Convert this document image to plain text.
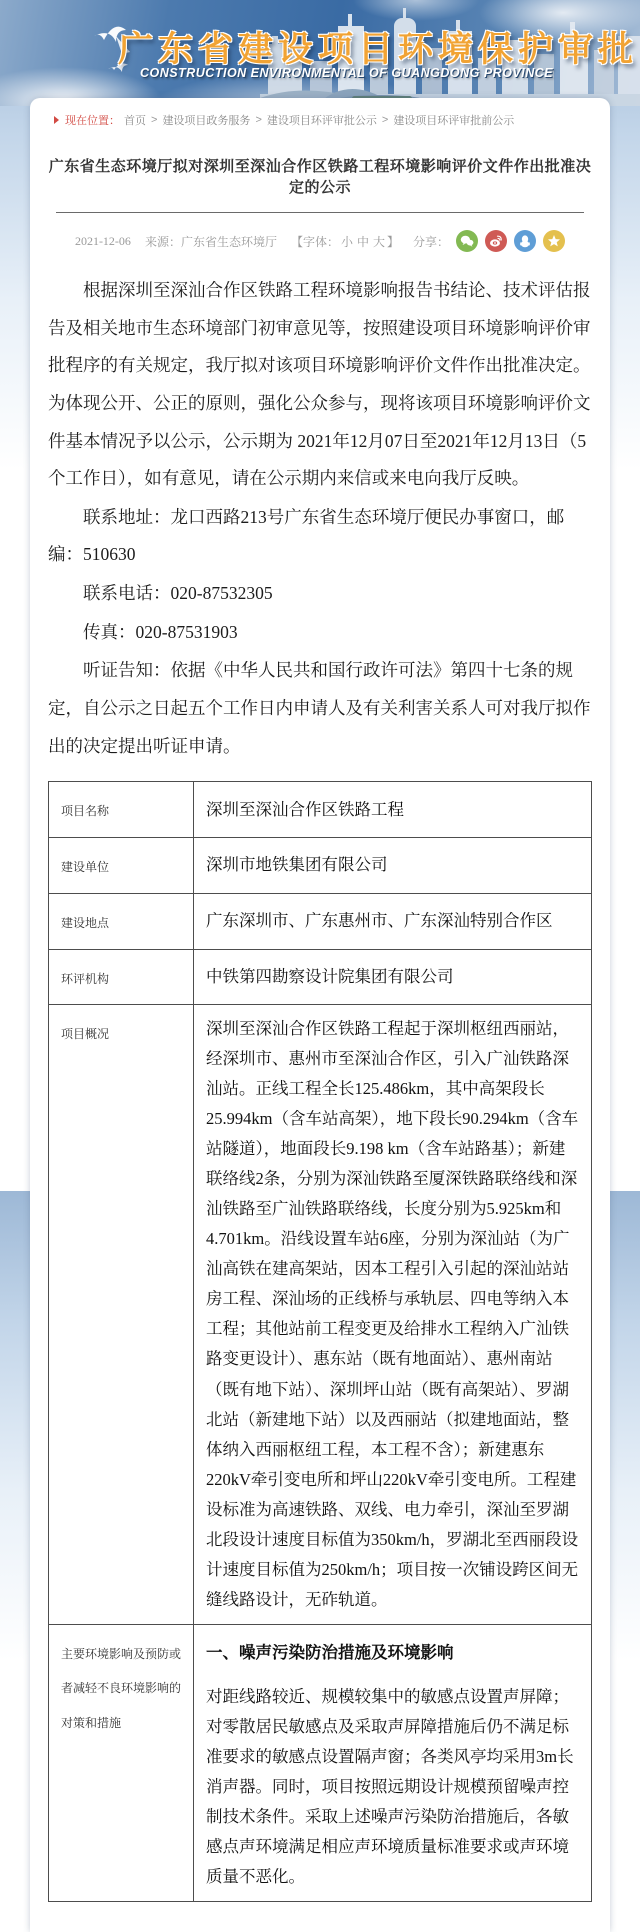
广东省建设项目环境保护审批
CONSTRUCTION ENVIRONMENTAL OF GUANGDONG PROVINCE
现在位置： 首页 > 建设项目政务服务 > 建设项目环评审批公示 > 建设项目环评审批前公示
广东省生态环境厅拟对深圳至深汕合作区铁路工程环境影响评价文件作出批准决定的公示
2021-12-06 来源：广东省生态环境厅 【字体： 小 中 大 】 分享：

根据深圳至深汕合作区铁路工程环境影响报告书结论、技术评估报告及相关地市生态环境部门初审意见等，按照建设项目环境影响评价审批程序的有关规定，我厅拟对该项目环境影响评价文件作出批准决定。为体现公开、公正的原则，强化公众参与，现将该项目环境影响评价文件基本情况予以公示，公示期为 2021年12月07日至2021年12月13日（5个工作日），如有意见，请在公示期内来信或来电向我厅反映。

联系地址：龙口西路213号广东省生态环境厅便民办事窗口，邮编：510630

联系电话：020-87532305

传真：020-87531903

听证告知：依据《中华人民共和国行政许可法》第四十七条的规定，自公示之日起五个工作日内申请人及有关利害关系人可对我厅拟作出的决定提出听证申请。

项目名称	深圳至深汕合作区铁路工程
建设单位	深圳市地铁集团有限公司
建设地点	广东深圳市、广东惠州市、广东深汕特别合作区
环评机构	中铁第四勘察设计院集团有限公司
项目概况	深圳至深汕合作区铁路工程起于深圳枢纽西丽站，经深圳市、惠州市至深汕合作区，引入广汕铁路深汕站。正线工程全长125.486km，其中高架段长25.994km（含车站高架），地下段长90.294km（含车站隧道），地面段长9.198 km（含车站路基）；新建联络线2条，分别为深汕铁路至厦深铁路联络线和深汕铁路至广汕铁路联络线，长度分别为5.925km和4.701km。沿线设置车站6座，分别为深汕站（为广汕高铁在建高架站，因本工程引入引起的深汕站站房工程、深汕场的正线桥与承轨层、四电等纳入本工程；其他站前工程变更及给排水工程纳入广汕铁路变更设计）、惠东站（既有地面站）、惠州南站（既有地下站）、深圳坪山站（既有高架站）、罗湖北站（新建地下站）以及西丽站（拟建地面站，整体纳入西丽枢纽工程，本工程不含）；新建惠东220kV牵引变电所和坪山220kV牵引变电所。工程建设标准为高速铁路、双线、电力牵引，深汕至罗湖北段设计速度目标值为350km/h，罗湖北至西丽段设计速度目标值为250km/h；项目按一次铺设跨区间无缝线路设计，无砟轨道。
主要环境影响及预防或者减轻不良环境影响的对策和措施	一、噪声污染防治措施及环境影响
对距线路较近、规模较集中的敏感点设置声屏障；对零散居民敏感点及采取声屏障措施后仍不满足标准要求的敏感点设置隔声窗；各类风亭均采用3m长消声器。同时，项目按照远期设计规模预留噪声控制技术条件。采取上述噪声污染防治措施后，各敏感点声环境满足相应声环境质量标准要求或声环境质量不恶化。
